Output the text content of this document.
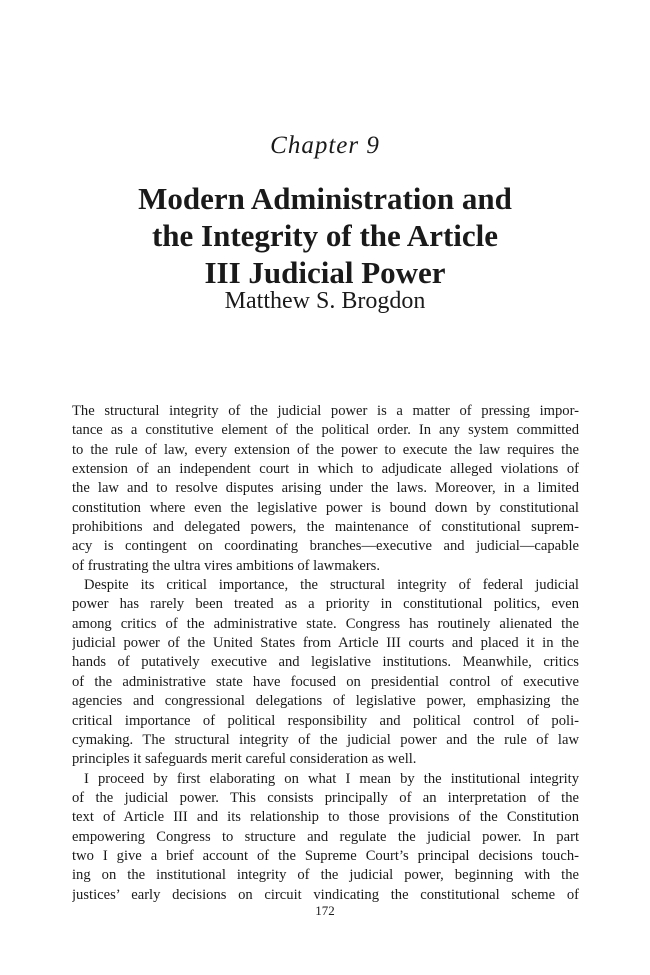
Chapter 9
Modern Administration and
the Integrity of the Article
III Judicial Power
Matthew S. Brogdon
The structural integrity of the judicial power is a matter of pressing impor-
tance as a constitutive element of the political order. In any system committed
to the rule of law, every extension of the power to execute the law requires the
extension of an independent court in which to adjudicate alleged violations of
the law and to resolve disputes arising under the laws. Moreover, in a limited
constitution where even the legislative power is bound down by constitutional
prohibitions and delegated powers, the maintenance of constitutional suprem-
acy is contingent on coordinating branches—executive and judicial—capable
of frustrating the ultra vires ambitions of lawmakers.
Despite its critical importance, the structural integrity of federal judicial
power has rarely been treated as a priority in constitutional politics, even
among critics of the administrative state. Congress has routinely alienated the
judicial power of the United States from Article III courts and placed it in the
hands of putatively executive and legislative institutions. Meanwhile, critics
of the administrative state have focused on presidential control of executive
agencies and congressional delegations of legislative power, emphasizing the
critical importance of political responsibility and political control of poli-
cymaking. The structural integrity of the judicial power and the rule of law
principles it safeguards merit careful consideration as well.
I proceed by first elaborating on what I mean by the institutional integrity
of the judicial power. This consists principally of an interpretation of the
text of Article III and its relationship to those provisions of the Constitution
empowering Congress to structure and regulate the judicial power. In part
two I give a brief account of the Supreme Court’s principal decisions touch-
ing on the institutional integrity of the judicial power, beginning with the
justices’ early decisions on circuit vindicating the constitutional scheme of
172
